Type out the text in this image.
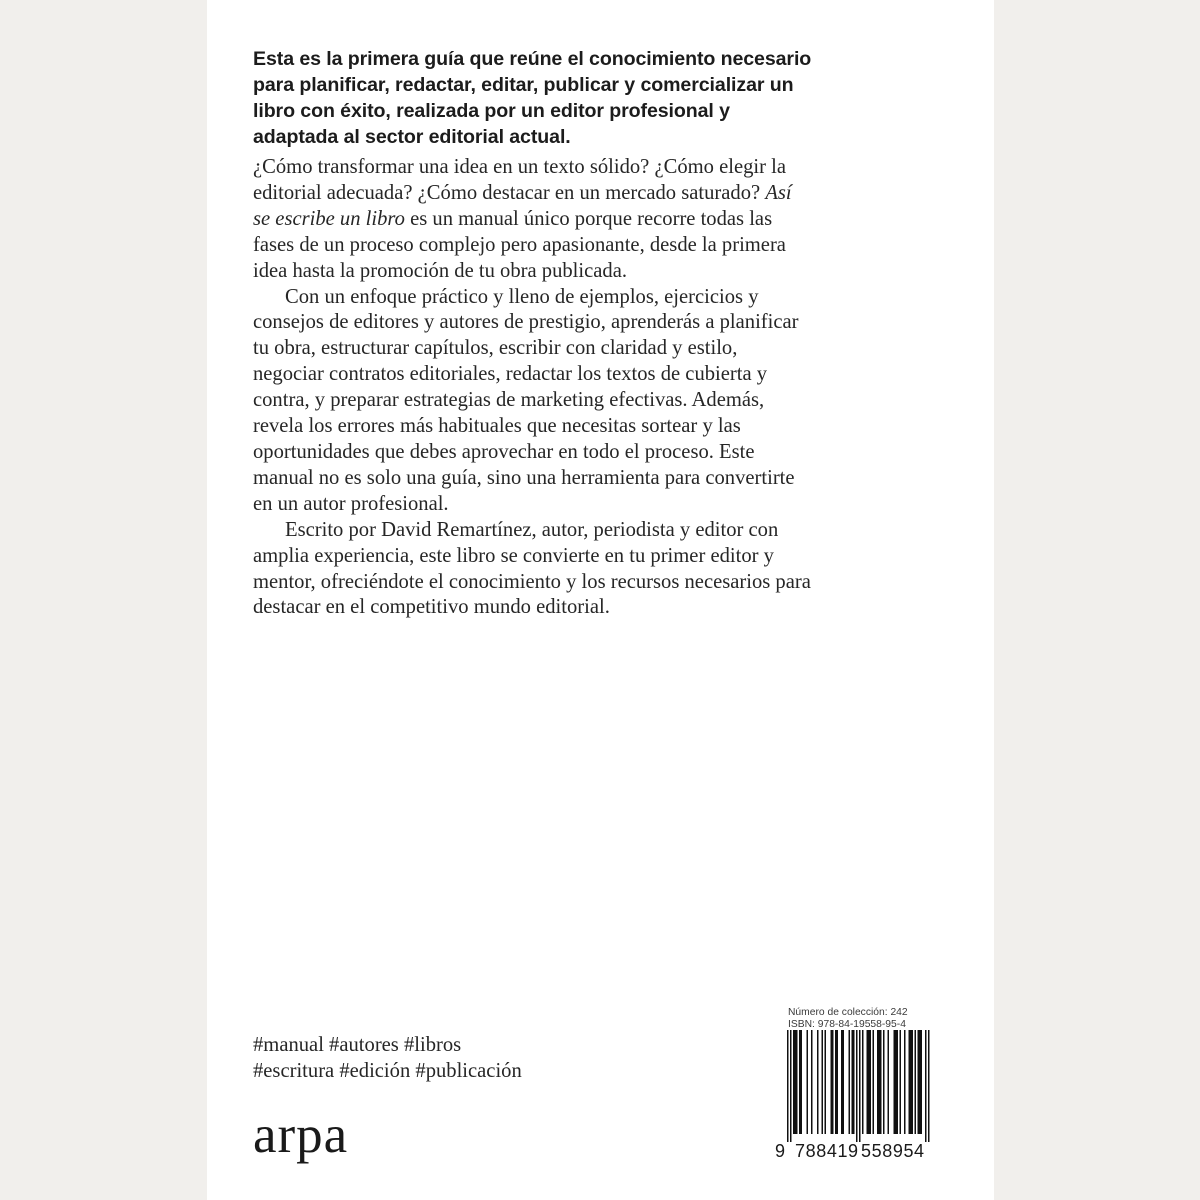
Esta es la primera guía que reúne el conocimiento necesario para planificar, redactar, editar, publicar y comercializar un libro con éxito, realizada por un editor profesional y adaptada al sector editorial actual.

¿Cómo transformar una idea en un texto sólido? ¿Cómo elegir la editorial adecuada? ¿Cómo destacar en un mercado saturado? Así se escribe un libro es un manual único porque recorre todas las fases de un proceso complejo pero apasionante, desde la primera idea hasta la promoción de tu obra publicada.

Con un enfoque práctico y lleno de ejemplos, ejercicios y consejos de editores y autores de prestigio, aprenderás a planificar tu obra, estructurar capítulos, escribir con claridad y estilo, negociar contratos editoriales, redactar los textos de cubierta y contra, y preparar estrategias de marketing efectivas. Además, revela los errores más habituales que necesitas sortear y las oportunidades que debes aprovechar en todo el proceso. Este manual no es solo una guía, sino una herramienta para convertirte en un autor profesional.

Escrito por David Remartínez, autor, periodista y editor con amplia experiencia, este libro se convierte en tu primer editor y mentor, ofreciéndote el conocimiento y los recursos necesarios para destacar en el competitivo mundo editorial.

#manual #autores #libros
#escritura #edición #publicación
arpa
Número de colección: 242
ISBN: 978-84-19558-95-4
9 788419 558954
